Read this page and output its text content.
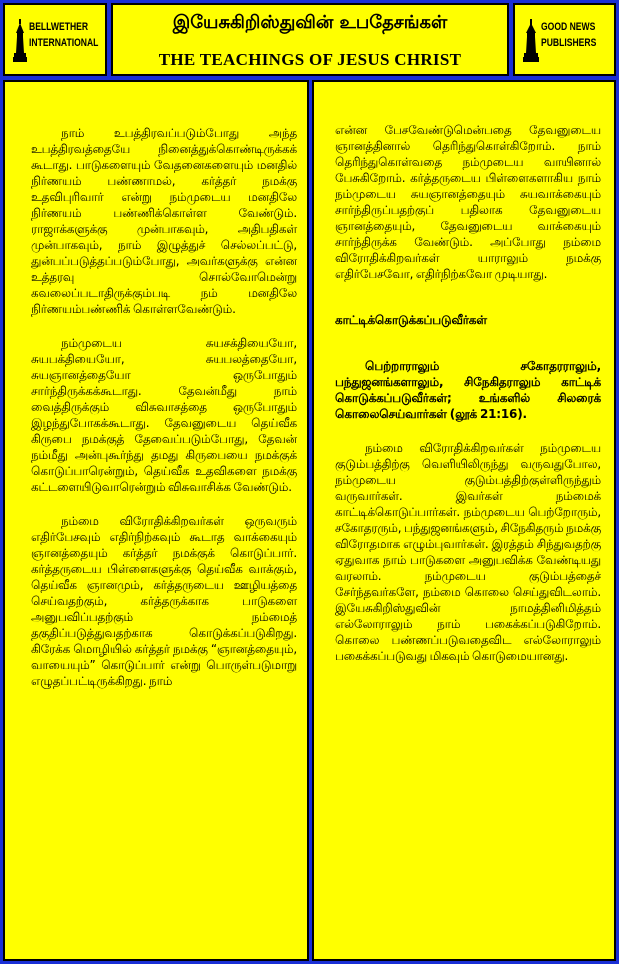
BELLWETHER
INTERNATIONAL
இயேசுகிறிஸ்துவின் உபதேசங்கள்
THE TEACHINGS OF JESUS CHRIST
GOOD NEWS
PUBLISHERS

நாம் உபத்திரவப்படும்போது அந்த உபத்திரவத்தையே நினைத்துக்கொண்டிருக்கக் கூடாது. பாடுகளையும் வேதனைகளையும் மனதில் நிர்ணயம் பண்ணாமல், கர்த்தர் நமக்கு உதவிபுரிவார் என்று நம்முடைய மனதிலே நிர்ணயம் பண்ணிக்கொள்ள வேண்டும். ராஜாக்களுக்கு முன்பாகவும், அதிபதிகள் முன்பாகவும், நாம் இழுத்துச் செல்லப்பட்டு, துன்பப்படுத்தப்படும்போது, அவர்களுக்கு என்ன உத்தரவு சொல்வோமென்று கவலைப்படாதிருக்கும்படி நம் மனதிலே நிர்ணயம்பண்ணிக் கொள்ளவேண்டும்.

நம்முடைய சுயசக்தியையோ, சுயபக்தியையோ, சுயபலத்தையோ, சுயஞானத்தையோ ஒருபோதும் சார்ந்திருக்கக்கூடாது. தேவன்மீது நாம் வைத்திருக்கும் விசுவாசத்தை ஒருபோதும் இழந்துபோகக்கூடாது. தேவனுடைய தெய்வீக கிருபை நமக்குத் தேவைப்படும்போது, தேவன் நம்மீது அன்புகூர்ந்து தமது கிருபையை நமக்குக் கொடுப்பாரென்றும், தெய்வீக உதவிகளை நமக்கு கட்டளையிடுவாரென்றும் விசுவாசிக்க வேண்டும்.

நம்மை விரோதிக்கிறவர்கள் ஒருவரும் எதிர்பேசவும் எதிர்நிற்கவும் கூடாத வாக்கையும் ஞானத்தையும் கர்த்தர் நமக்குக் கொடுப்பார். கர்த்தருடைய பிள்ளைகளுக்கு தெய்வீக வாக்கும், தெய்வீக ஞானமும், கர்த்தருடைய ஊழியத்தை செய்வதற்கும், கர்த்தருக்காக பாடுகளை அனுபவிப்பதற்கும் நம்மைத் தகுதிப்படுத்துவதற்காக கொடுக்கப்படுகிறது. கிரேக்க மொழியில் கர்த்தர் நமக்கு “ஞானத்தையும், வாயையும்” கொடுப்பார் என்று பொருள்படுமாறு எழுதப்பட்டிருக்கிறது. நாம்

என்ன பேசவேண்டுமென்பதை தேவனுடைய ஞானத்தினால் தெரிந்துகொள்கிறோம். நாம் தெரிந்துகொள்வதை நம்முடைய வாயினால் பேசுகிறோம். கர்த்தருடைய பிள்ளைகளாகிய நாம் நம்முடைய சுயஞானத்தையும் சுயவாக்கையும் சார்ந்திருப்பதற்குப் பதிலாக தேவனுடைய ஞானத்தையும், தேவனுடைய வாக்கையும் சார்ந்திருக்க வேண்டும். அப்போது நம்மை விரோதிக்கிறவர்கள் யாராலும் நமக்கு எதிர்பேசவோ, எதிர்நிற்கவோ முடியாது.

காட்டிக்கொடுக்கப்படுவீர்கள்

பெற்றாராலும் சகோதரராலும், பந்துஜனங்களாலும், சிநேகிதராலும் காட்டிக் கொடுக்கப்படுவீர்கள்; உங்களில் சிலரைக் கொலைசெய்வார்கள் (லூக் 21:16).

நம்மை விரோதிக்கிறவர்கள் நம்முடைய குடும்பத்திற்கு வெளியிலிருந்து வருவதுபோல, நம்முடைய குடும்பத்திற்குள்ளிருந்தும் வருவார்கள். இவர்கள் நம்மைக் காட்டிக்கொடுப்பார்கள். நம்முடைய பெற்றோரும், சகோதரரும், பந்துஜனங்களும், சிநேகிதரும் நமக்கு விரோதமாக எழும்புவார்கள். இரத்தம் சிந்துவதற்கு ஏதுவாக நாம் பாடுகளை அனுபவிக்க வேண்டியது வரலாம். நம்முடைய குடும்பத்தைச் சேர்ந்தவர்களே, நம்மை கொலை செய்துவிடலாம். இயேசுகிறிஸ்துவின் நாமத்தினிமித்தம் எல்லோராலும் நாம் பகைக்கப்படுகிறோம். கொலை பண்ணப்படுவதைவிட எல்லோராலும் பகைக்கப்படுவது மிகவும் கொடுமையானது.
